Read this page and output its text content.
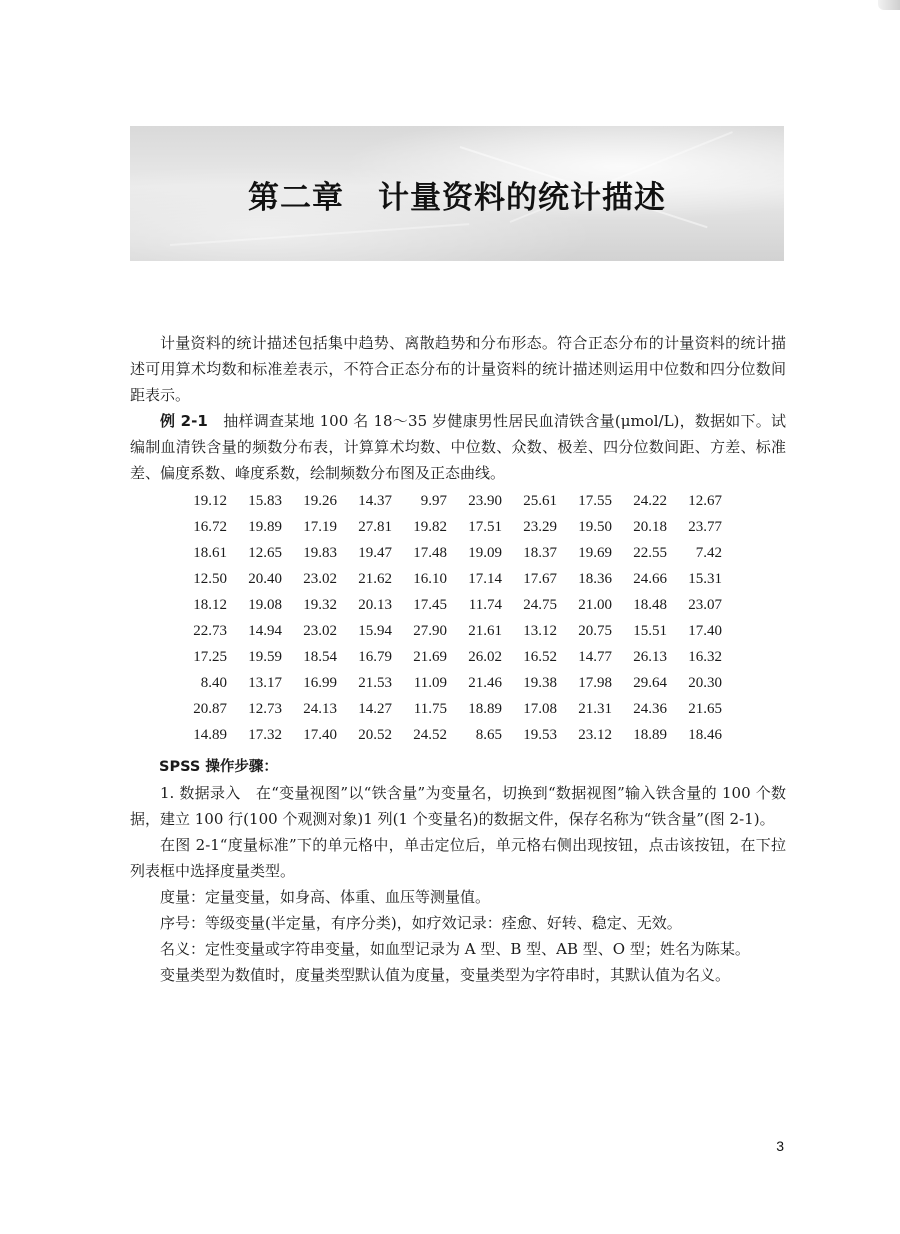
第二章 计量资料的统计描述

计量资料的统计描述包括集中趋势、离散趋势和分布形态。符合正态分布的计量资料的统计描述可用算术均数和标准差表示，不符合正态分布的计量资料的统计描述则运用中位数和四分位数间距表示。

例 2-1　 抽样调查某地 100 名 18～35 岁健康男性居民血清铁含量(μmol/L)，数据如下。试编制血清铁含量的频数分布表，计算算术均数、中位数、众数、极差、四分位数间距、方差、标准差、偏度系数、峰度系数，绘制频数分布图及正态曲线。

19.12	15.83	19.26	14.37	9.97	23.90	25.61	17.55	24.22	12.67
16.72	19.89	17.19	27.81	19.82	17.51	23.29	19.50	20.18	23.77
18.61	12.65	19.83	19.47	17.48	19.09	18.37	19.69	22.55	7.42
12.50	20.40	23.02	21.62	16.10	17.14	17.67	18.36	24.66	15.31
18.12	19.08	19.32	20.13	17.45	11.74	24.75	21.00	18.48	23.07
22.73	14.94	23.02	15.94	27.90	21.61	13.12	20.75	15.51	17.40
17.25	19.59	18.54	16.79	21.69	26.02	16.52	14.77	26.13	16.32
8.40	13.17	16.99	21.53	11.09	21.46	19.38	17.98	29.64	20.30
20.87	12.73	24.13	14.27	11.75	18.89	17.08	21.31	24.36	21.65
14.89	17.32	17.40	20.52	24.52	8.65	19.53	23.12	18.89	18.46

SPSS 操作步骤：

1. 数据录入　在“变量视图”以“铁含量”为变量名，切换到“数据视图”输入铁含量的 100 个数据，建立 100 行(100 个观测对象)1 列(1 个变量名)的数据文件，保存名称为“铁含量”(图 2-1)。

在图 2-1“度量标准”下的单元格中，单击定位后，单元格右侧出现按钮，点击该按钮，在下拉列表框中选择度量类型。

度量：定量变量，如身高、体重、血压等测量值。

序号：等级变量(半定量，有序分类)，如疗效记录：痊愈、好转、稳定、无效。

名义：定性变量或字符串变量，如血型记录为 A 型、B 型、AB 型、O 型；姓名为陈某。

变量类型为数值时，度量类型默认值为度量，变量类型为字符串时，其默认值为名义。

3
